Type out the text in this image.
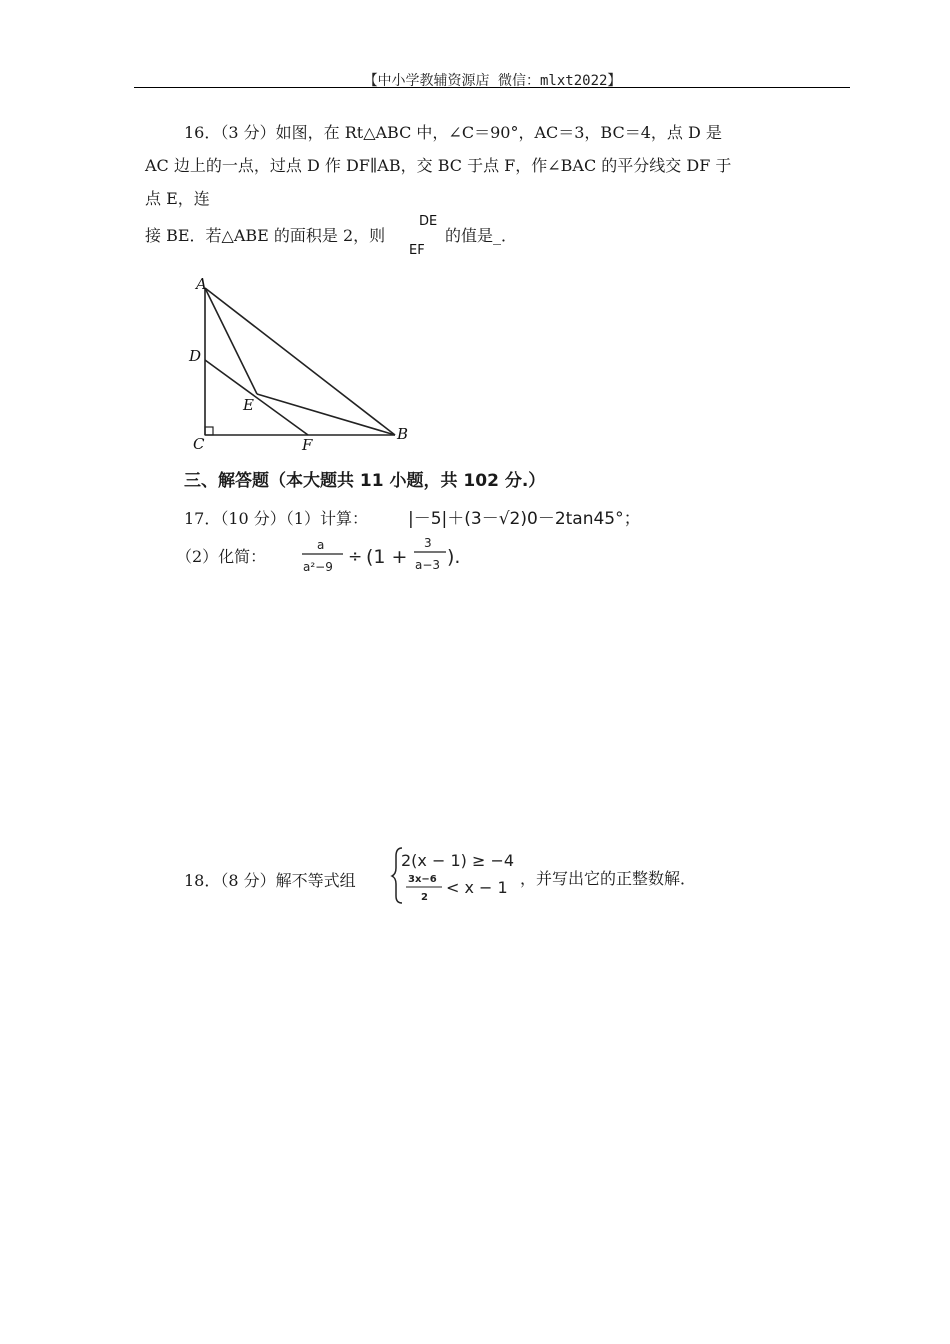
【中小学教辅资源店 微信：mlxt2022】
16．（3 分）如图，在 Rt△ABC 中，∠C＝90°，AC＝3，BC＝4，点 D 是
AC 边上的一点，过点 D 作 DF∥AB，交 BC 于点 F，作∠BAC 的平分线交 DF 于
点 E，连
接 BE．若△ABE 的面积是 2，则
DE
EF
的值是_．
A
D
E
C	F
B
三、解答题（本大题共 11 小题，共 102 分.）
17．（10 分）（1）计算： |－5|＋(3－√2)0－2tan45°；
（2）化简：
a
a²−9 ÷ (1 +
3
a−3 ).
18．（8 分）解不等式组
2(x − 1) ≥ −4
3x−6
2
< x − 1 ，并写出它的正整数解．
